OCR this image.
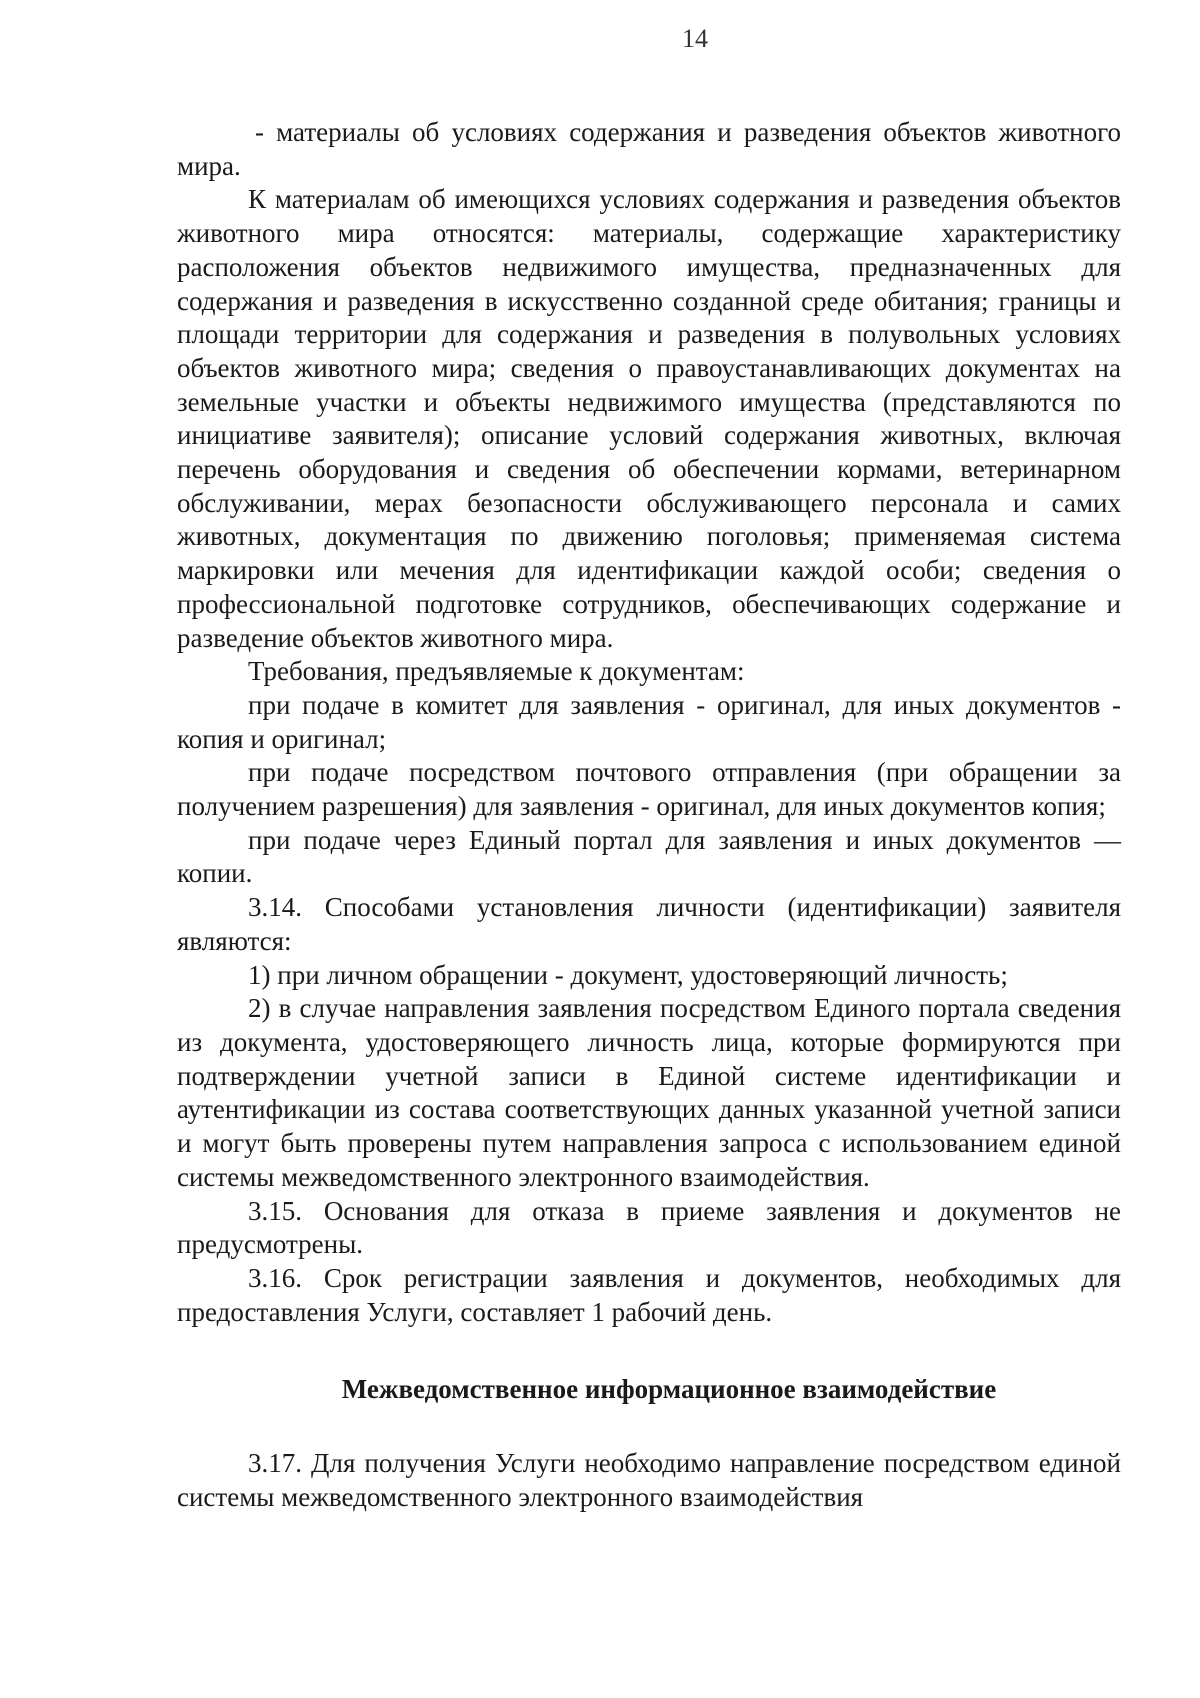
14

- материалы об условиях содержания и разведения объектов животного мира.

К материалам об имеющихся условиях содержания и разведения объектов животного мира относятся: материалы, содержащие характеристику расположения объектов недвижимого имущества, предназначенных для содержания и разведения в искусственно созданной среде обитания; границы и площади территории для содержания и разведения в полувольных условиях объектов животного мира; сведения о правоустанавливающих документах на земельные участки и объекты недвижимого имущества (представляются по инициативе заявителя); описание условий содержания животных, включая перечень оборудования и сведения об обеспечении кормами, ветеринарном обслуживании, мерах безопасности обслуживающего персонала и самих животных, документация по движению поголовья; применяемая система маркировки или мечения для идентификации каждой особи; сведения о профессиональной подготовке сотрудников, обеспечивающих содержание и разведение объектов животного мира.

Требования, предъявляемые к документам:

при подаче в комитет для заявления - оригинал, для иных документов - копия и оригинал;

при подаче посредством почтового отправления (при обращении за получением разрешения) для заявления - оригинал, для иных документов копия;

при подаче через Единый портал для заявления и иных документов — копии.

3.14. Способами установления личности (идентификации) заявителя являются:

1) при личном обращении - документ, удостоверяющий личность;

2) в случае направления заявления посредством Единого портала сведения из документа, удостоверяющего личность лица, которые формируются при подтверждении учетной записи в Единой системе идентификации и аутентификации из состава соответствующих данных указанной учетной записи и могут быть проверены путем направления запроса с использованием единой системы межведомственного электронного взаимодействия.

3.15. Основания для отказа в приеме заявления и документов не предусмотрены.

3.16. Срок регистрации заявления и документов, необходимых для предоставления Услуги, составляет 1 рабочий день.

Межведомственное информационное взаимодействие

3.17. Для получения Услуги необходимо направление посредством единой системы межведомственного электронного взаимодействия
